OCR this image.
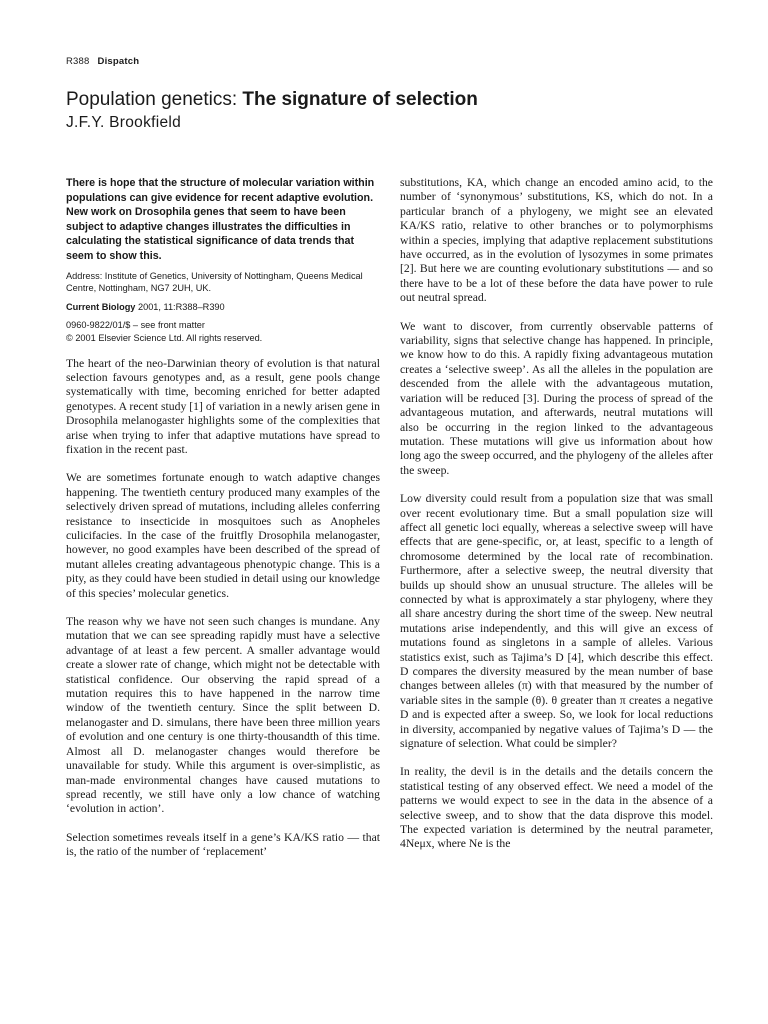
R388 Dispatch
Population genetics: The signature of selection
J.F.Y. Brookfield

There is hope that the structure of molecular variation within populations can give evidence for recent adaptive evolution. New work on Drosophila genes that seem to have been subject to adaptive changes illustrates the difficulties in calculating the statistical significance of data trends that seem to show this.

Address: Institute of Genetics, University of Nottingham, Queens Medical Centre, Nottingham, NG7 2UH, UK.

Current Biology 2001, 11:R388–R390

0960-9822/01/$ – see front matter
© 2001 Elsevier Science Ltd. All rights reserved.

The heart of the neo-Darwinian theory of evolution is that natural selection favours genotypes and, as a result, gene pools change systematically with time, becoming enriched for better adapted genotypes. A recent study [1] of variation in a newly arisen gene in Drosophila melanogaster highlights some of the complexities that arise when trying to infer that adaptive mutations have spread to fixation in the recent past.

We are sometimes fortunate enough to watch adaptive changes happening. The twentieth century produced many examples of the selectively driven spread of mutations, including alleles conferring resistance to insecticide in mosquitoes such as Anopheles culicifacies. In the case of the fruitfly Drosophila melanogaster, however, no good examples have been described of the spread of mutant alleles creating advantageous phenotypic change. This is a pity, as they could have been studied in detail using our knowledge of this species’ molecular genetics.

The reason why we have not seen such changes is mundane. Any mutation that we can see spreading rapidly must have a selective advantage of at least a few percent. A smaller advantage would create a slower rate of change, which might not be detectable with statistical confidence. Our observing the rapid spread of a mutation requires this to have happened in the narrow time window of the twentieth century. Since the split between D. melanogaster and D. simulans, there have been three million years of evolution and one century is one thirty-thousandth of this time. Almost all D. melanogaster changes would therefore be unavailable for study. While this argument is over-simplistic, as man-made environmental changes have caused mutations to spread recently, we still have only a low chance of watching ‘evolution in action’.

Selection sometimes reveals itself in a gene’s KA/KS ratio — that is, the ratio of the number of ‘replacement’

substitutions, KA, which change an encoded amino acid, to the number of ‘synonymous’ substitutions, KS, which do not. In a particular branch of a phylogeny, we might see an elevated KA/KS ratio, relative to other branches or to polymorphisms within a species, implying that adaptive replacement substitutions have occurred, as in the evolution of lysozymes in some primates [2]. But here we are counting evolutionary substitutions — and so there have to be a lot of these before the data have power to rule out neutral spread.

We want to discover, from currently observable patterns of variability, signs that selective change has happened. In principle, we know how to do this. A rapidly fixing advantageous mutation creates a ‘selective sweep’. As all the alleles in the population are descended from the allele with the advantageous mutation, variation will be reduced [3]. During the process of spread of the advantageous mutation, and afterwards, neutral mutations will also be occurring in the region linked to the advantageous mutation. These mutations will give us information about how long ago the sweep occurred, and the phylogeny of the alleles after the sweep.

Low diversity could result from a population size that was small over recent evolutionary time. But a small population size will affect all genetic loci equally, whereas a selective sweep will have effects that are gene-specific, or, at least, specific to a length of chromosome determined by the local rate of recombination. Furthermore, after a selective sweep, the neutral diversity that builds up should show an unusual structure. The alleles will be connected by what is approximately a star phylogeny, where they all share ancestry during the short time of the sweep. New neutral mutations arise independently, and this will give an excess of mutations found as singletons in a sample of alleles. Various statistics exist, such as Tajima’s D [4], which describe this effect. D compares the diversity measured by the mean number of base changes between alleles (π) with that measured by the number of variable sites in the sample (θ). θ greater than π creates a negative D and is expected after a sweep. So, we look for local reductions in diversity, accompanied by negative values of Tajima’s D — the signature of selection. What could be simpler?

In reality, the devil is in the details and the details concern the statistical testing of any observed effect. We need a model of the patterns we would expect to see in the data in the absence of a selective sweep, and to show that the data disprove this model. The expected variation is determined by the neutral parameter, 4Neμx, where Ne is the
